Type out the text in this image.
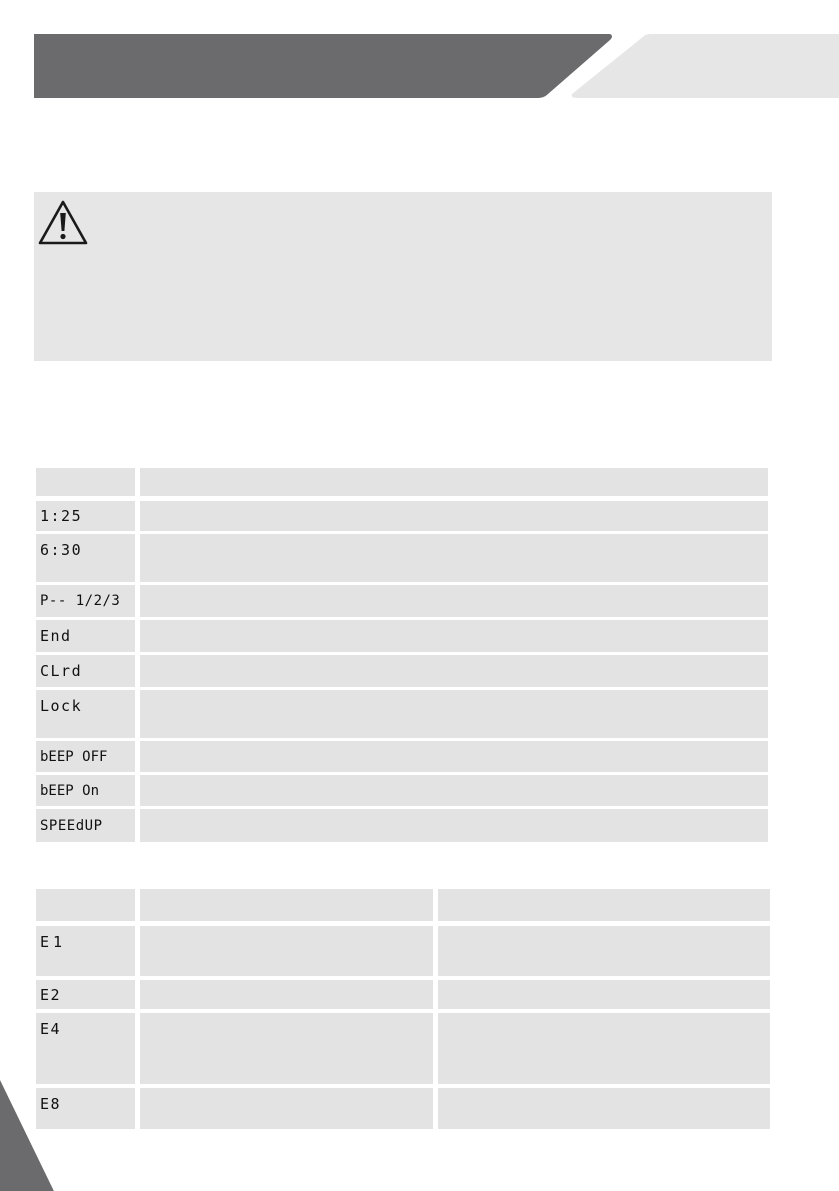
1:25
6:30
P-- 1/2/3
End
CLrd
Lock
bEEP OFF
bEEP On
SPEEdUP
E1
E2
E4
E8
